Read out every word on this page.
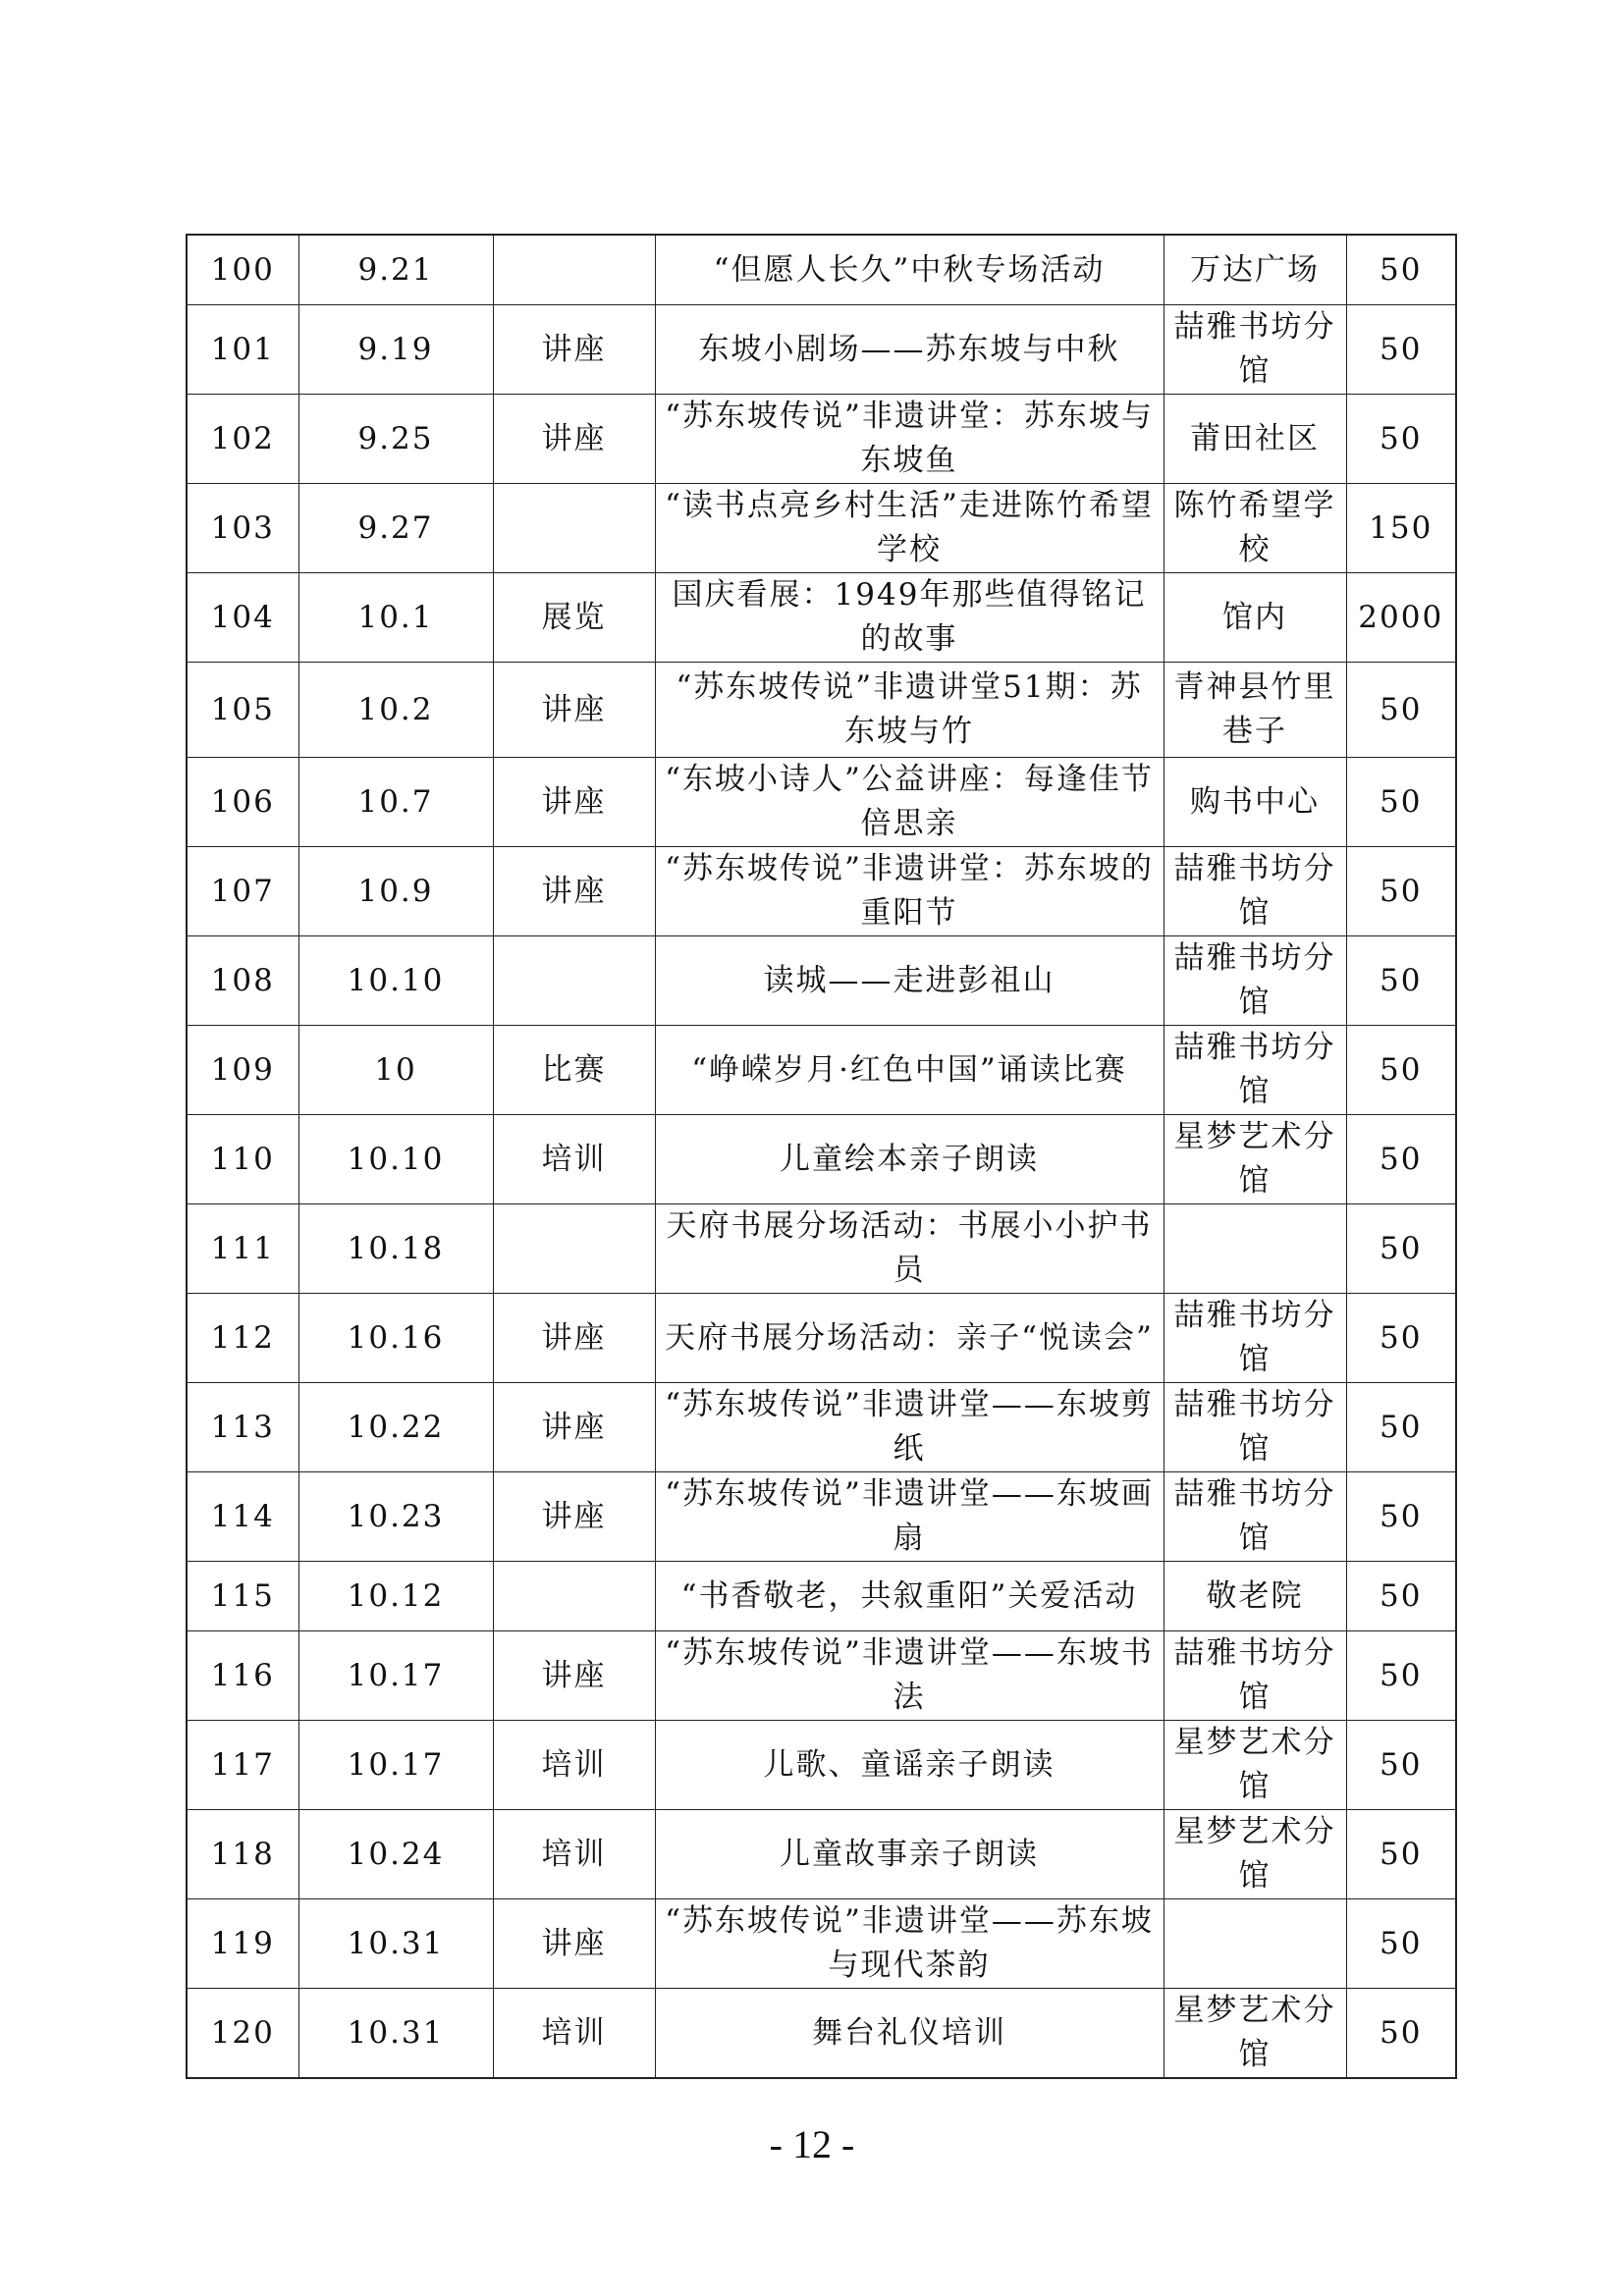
100	9.21		“但愿人长久”中秋专场活动	万达广场	50
101	9.19	讲座	东坡小剧场——苏东坡与中秋	喆雅书坊分馆	50
102	9.25	讲座	“苏东坡传说”非遗讲堂：苏东坡与东坡鱼	莆田社区	50
103	9.27		“读书点亮乡村生活”走进陈竹希望学校	陈竹希望学校	150
104	10.1	展览	国庆看展：1949年那些值得铭记的故事	馆内	2000
105	10.2	讲座	“苏东坡传说”非遗讲堂51期：苏东坡与竹	青神县竹里巷子	50
106	10.7	讲座	“东坡小诗人”公益讲座：每逢佳节倍思亲	购书中心	50
107	10.9	讲座	“苏东坡传说”非遗讲堂：苏东坡的重阳节	喆雅书坊分馆	50
108	10.10		读城——走进彭祖山	喆雅书坊分馆	50
109	10	比赛	“峥嵘岁月·红色中国”诵读比赛	喆雅书坊分馆	50
110	10.10	培训	儿童绘本亲子朗读	星梦艺术分馆	50
111	10.18		天府书展分场活动：书展小小护书员		50
112	10.16	讲座	天府书展分场活动：亲子“悦读会”	喆雅书坊分馆	50
113	10.22	讲座	“苏东坡传说”非遗讲堂——东坡剪纸	喆雅书坊分馆	50
114	10.23	讲座	“苏东坡传说”非遗讲堂——东坡画扇	喆雅书坊分馆	50
115	10.12		“书香敬老，共叙重阳”关爱活动	敬老院	50
116	10.17	讲座	“苏东坡传说”非遗讲堂——东坡书法	喆雅书坊分馆	50
117	10.17	培训	儿歌、童谣亲子朗读	星梦艺术分馆	50
118	10.24	培训	儿童故事亲子朗读	星梦艺术分馆	50
119	10.31	讲座	“苏东坡传说”非遗讲堂——苏东坡与现代茶韵		50
120	10.31	培训	舞台礼仪培训	星梦艺术分馆	50
- 12 -
